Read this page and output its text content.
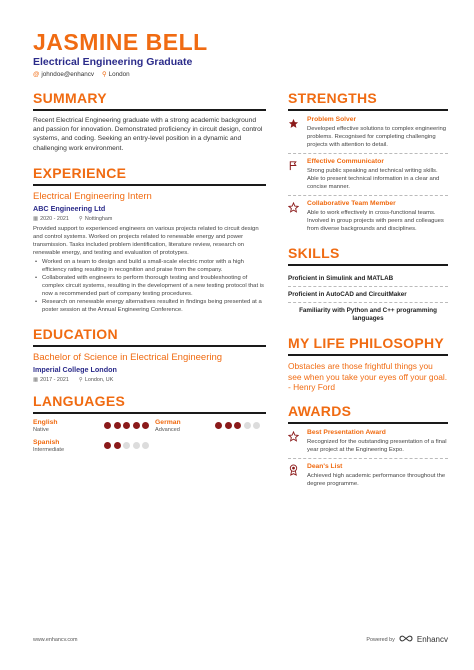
JASMINE BELL
Electrical Engineering Graduate
@ johndoe@enhancv ⚲ London
SUMMARY
Recent Electrical Engineering graduate with a strong academic background and passion for innovation. Demonstrated proficiency in circuit design, control systems, and coding. Seeking an entry-level position in a dynamic and challenging work environment.
EXPERIENCE
Electrical Engineering Intern
ABC Engineering Ltd
▦ 2020 - 2021 ⚲ Nottingham
Provided support to experienced engineers on various projects related to circuit design and control systems. Worked on projects related to renewable energy and power transmission. Tasks included problem identification, literature review, research on renewable energy, and testing and evaluation of prototypes.
• Worked on a team to design and build a small-scale electric motor with a high efficiency rating resulting in recognition and praise from the company.
• Collaborated with engineers to perform thorough testing and troubleshooting of complex circuit systems, resulting in the development of a new testing protocol that is now a recommended part of company testing procedures.
• Research on renewable energy alternatives resulted in findings being presented at a poster session at the Annual Engineering Conference.
EDUCATION
Bachelor of Science in Electrical Engineering
Imperial College London
▦ 2017 - 2021 ⚲ London, UK
LANGUAGES
English
Native
German
Advanced
Spanish
Intermediate
STRENGTHS
Problem Solver
Developed effective solutions to complex engineering problems. Recognised for completing challenging projects with attention to detail.
Effective Communicator
Strong public speaking and technical writing skills. Able to present technical information in a clear and concise manner.
Collaborative Team Member
Able to work effectively in cross-functional teams. Involved in group projects with peers and colleagues from diverse backgrounds and disciplines.
SKILLS
Proficient in Simulink and MATLAB
Proficient in AutoCAD and CircuitMaker
Familiarity with Python and C++ programming languages
MY LIFE PHILOSOPHY
Obstacles are those frightful things you see when you take your eyes off your goal. - Henry Ford
AWARDS
Best Presentation Award
Recognized for the outstanding presentation of a final year project at the Engineering Expo.
Dean's List
Achieved high academic performance throughout the degree programme.
www.enhancv.com	Powered by	Enhancv
